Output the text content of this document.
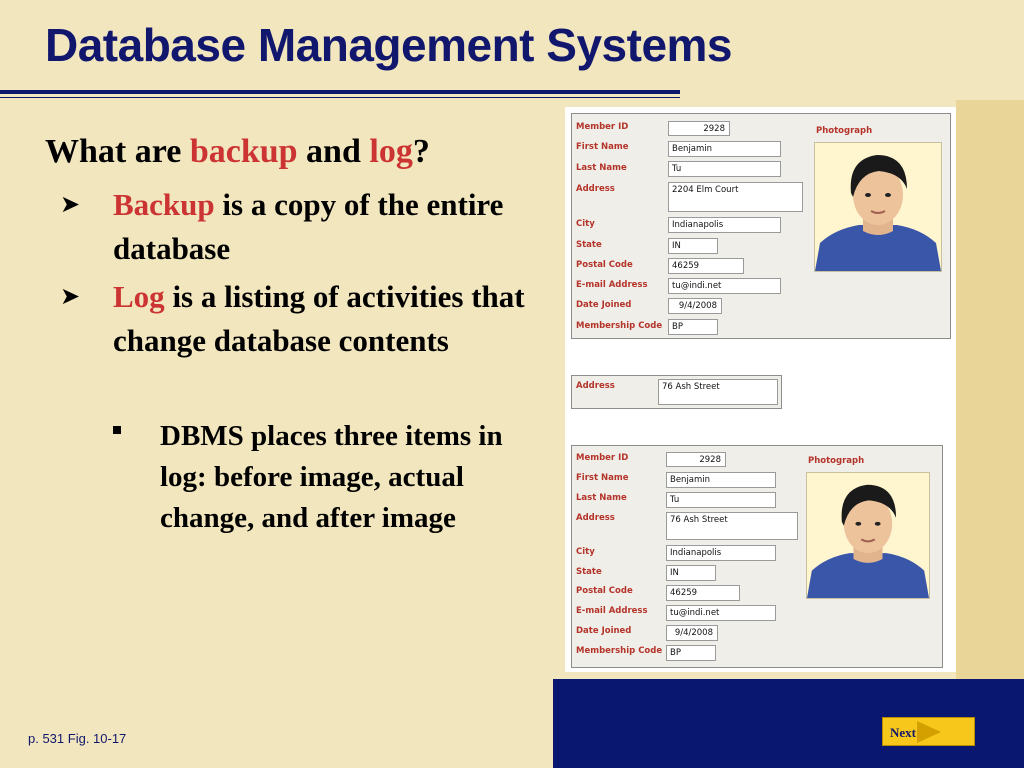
Database Management Systems
What are backup and log?
➤ Backup is a copy of the entire database
➤ Log is a listing of activities that change database contents
DBMS places three items in log: before image, actual change, and after image
p. 531 Fig. 10-17	Next
Member ID	2928
First Name	Benjamin
Last Name	Tu
Address	2204 Elm Court
City	Indianapolis
State	IN
Postal Code	46259
E-mail Address	tu@indi.net
Date Joined	9/4/2008
Membership Code	BP
Photograph
Address	76 Ash Street
Member ID	2928
First Name	Benjamin
Last Name	Tu
Address	76 Ash Street
City	Indianapolis
State	IN
Postal Code	46259
E-mail Address	tu@indi.net
Date Joined	9/4/2008
Membership Code BP
Photograph
